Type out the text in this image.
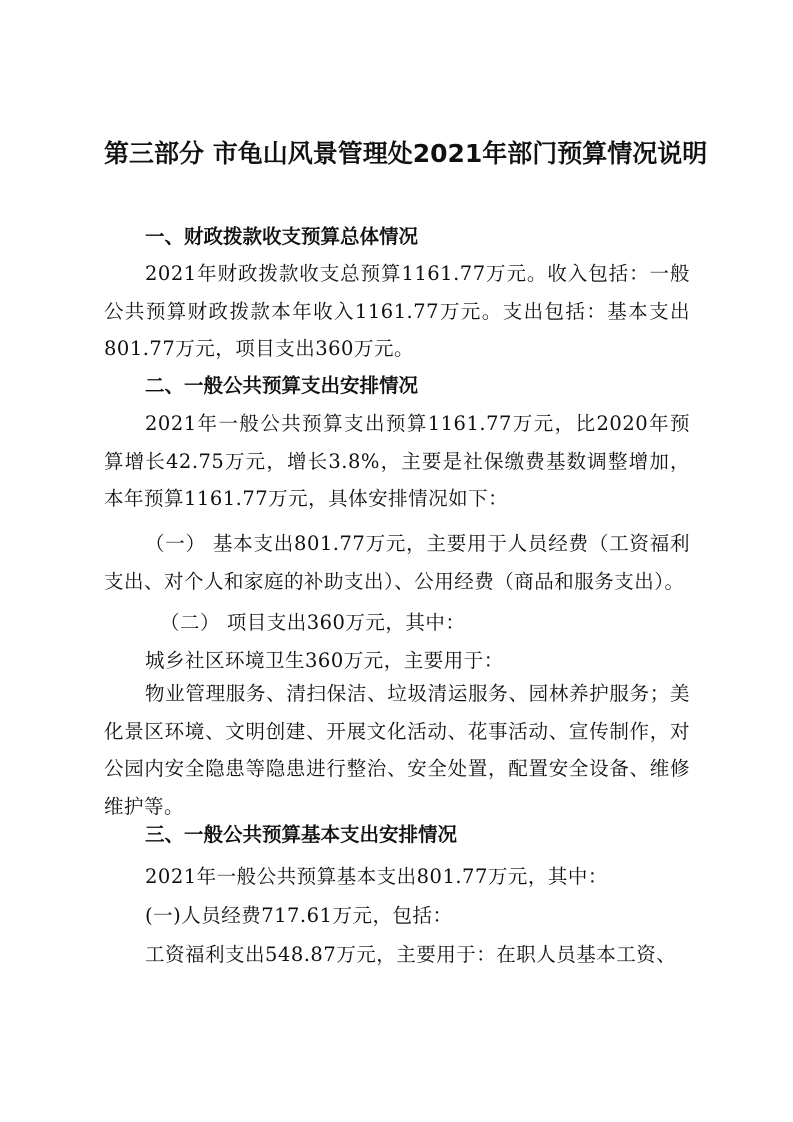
第三部分 市龟山风景管理处2021年部门预算情况说明
一、财政拨款收支预算总体情况
2021年财政拨款收支总预算1161.77万元。收入包括：一般公共预算财政拨款本年收入1161.77万元。支出包括：基本支出801.77万元，项目支出360万元。
二、一般公共预算支出安排情况
2021年一般公共预算支出预算1161.77万元，比2020年预算增长42.75万元，增长3.8%，主要是社保缴费基数调整增加，本年预算1161.77万元，具体安排情况如下：
（一） 基本支出801.77万元，主要用于人员经费（工资福利支出、对个人和家庭的补助支出）、公用经费（商品和服务支出）。
（二） 项目支出360万元，其中：
城乡社区环境卫生360万元，主要用于：
物业管理服务、清扫保洁、垃圾清运服务、园林养护服务；美化景区环境、文明创建、开展文化活动、花事活动、宣传制作，对公园内安全隐患等隐患进行整治、安全处置，配置安全设备、维修维护等。
三、一般公共预算基本支出安排情况
2021年一般公共预算基本支出801.77万元，其中：
(一)人员经费717.61万元，包括：
工资福利支出548.87万元，主要用于：在职人员基本工资、
